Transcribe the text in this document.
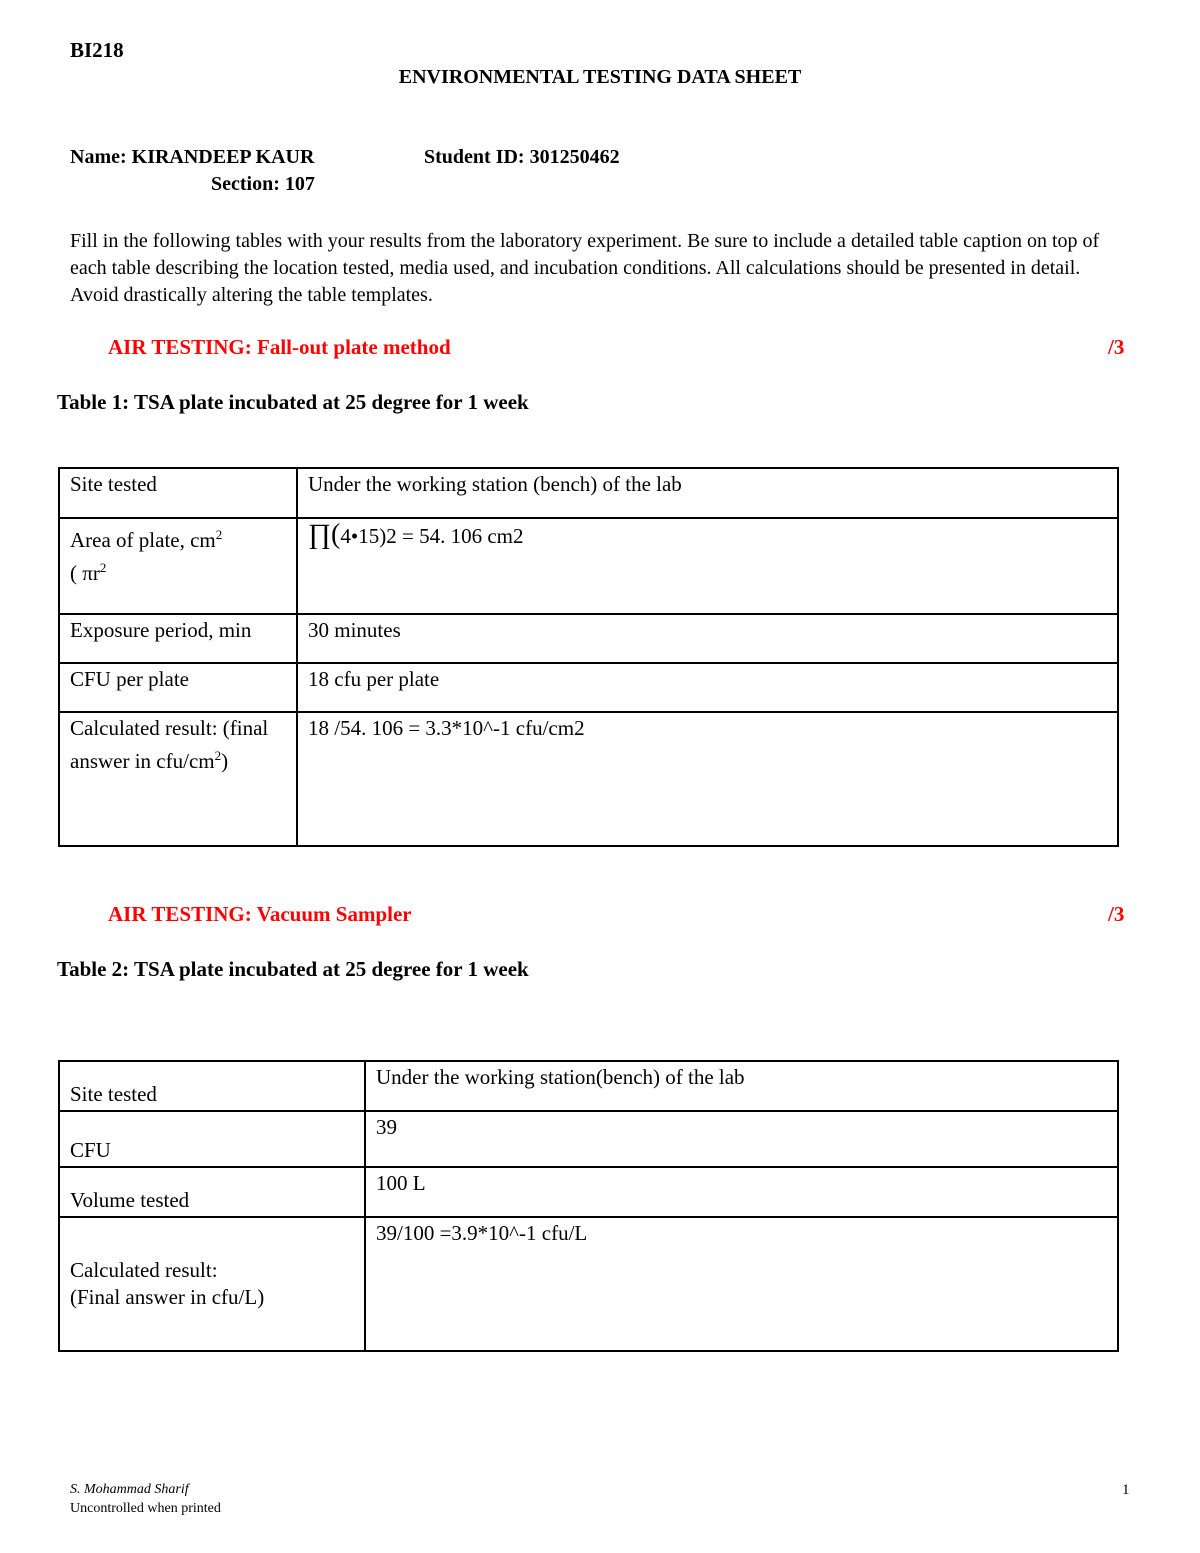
BI218
ENVIRONMENTAL TESTING DATA SHEET
Name: KIRANDEEP KAUR	Student ID: 301250462
Section: 107
Fill in the following tables with your results from the laboratory experiment. Be sure to include a detailed table caption on top of each table describing the location tested, media used, and incubation conditions. All calculations should be presented in detail. Avoid drastically altering the table templates.
AIR TESTING: Fall-out plate method	/3
Table 1: TSA plate incubated at 25 degree for 1 week
Site tested	Under the working station (bench) of the lab
Area of plate, $cm^2$
( $\pi r^2$	∏(4•15)2 = 54. 106 cm2
Exposure period, min	30 minutes
CFU per plate	18 cfu per plate
Calculated result: (final answer in cfu/$cm^2$)	18 /54. 106 = 3.3*10^-1 cfu/cm2
AIR TESTING: Vacuum Sampler	/3
Table 2: TSA plate incubated at 25 degree for 1 week
Site tested	Under the working station(bench) of the lab
CFU	39
Volume tested	100 L
Calculated result:
(Final answer in cfu/L)	39/100 =3.9*10^-1 cfu/L
S. Mohammad Sharif
Uncontrolled when printed
1
